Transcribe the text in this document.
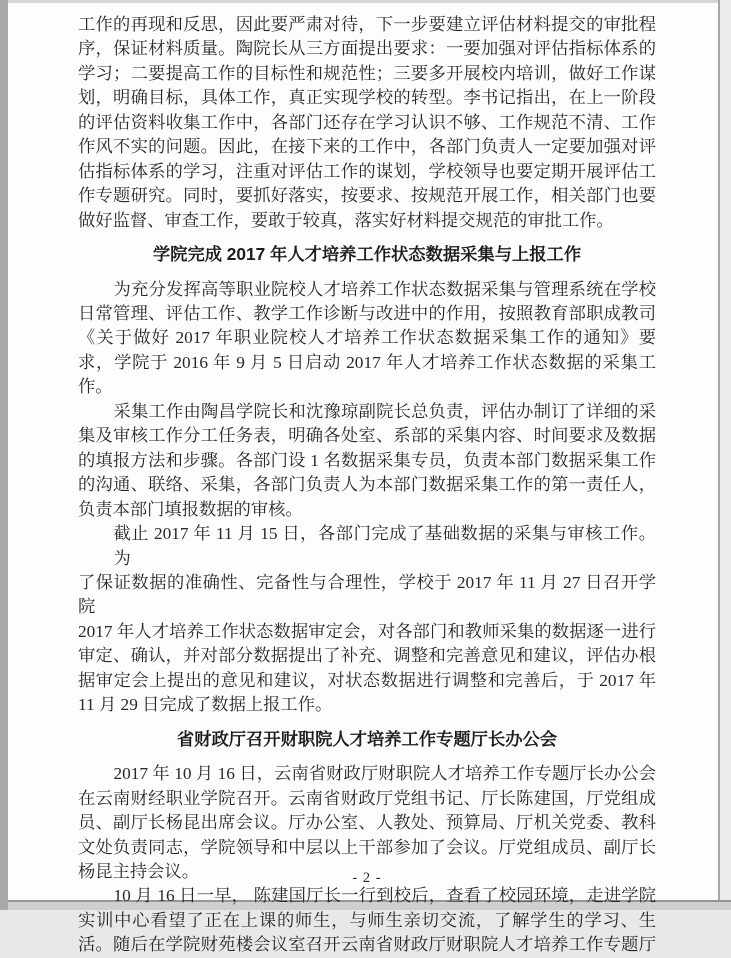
工作的再现和反思，因此要严肃对待，下一步要建立评估材料提交的审批程
序，保证材料质量。陶院长从三方面提出要求：一要加强对评估指标体系的
学习；二要提高工作的目标性和规范性；三要多开展校内培训，做好工作谋
划，明确目标，具体工作，真正实现学校的转型。李书记指出，在上一阶段
的评估资料收集工作中，各部门还存在学习认识不够、工作规范不清、工作
作风不实的问题。因此，在接下来的工作中，各部门负责人一定要加强对评
估指标体系的学习，注重对评估工作的谋划，学校领导也要定期开展评估工
作专题研究。同时，要抓好落实，按要求、按规范开展工作，相关部门也要
做好监督、审查工作，要敢于较真，落实好材料提交规范的审批工作。
学院完成 2017 年人才培养工作状态数据采集与上报工作
为充分发挥高等职业院校人才培养工作状态数据采集与管理系统在学校
日常管理、评估工作、教学工作诊断与改进中的作用，按照教育部职成教司
《关于做好 2017 年职业院校人才培养工作状态数据采集工作的通知》要
求，学院于 2016 年 9 月 5 日启动 2017 年人才培养工作状态数据的采集工
作。
采集工作由陶昌学院长和沈豫琼副院长总负责，评估办制订了详细的采
集及审核工作分工任务表，明确各处室、系部的采集内容、时间要求及数据
的填报方法和步骤。各部门设 1 名数据采集专员，负责本部门数据采集工作
的沟通、联络、采集，各部门负责人为本部门数据采集工作的第一责任人，
负责本部门填报数据的审核。
截止 2017 年 11 月 15 日，各部门完成了基础数据的采集与审核工作。为
了保证数据的准确性、完备性与合理性，学校于 2017 年 11 月 27 日召开学院
2017 年人才培养工作状态数据审定会，对各部门和教师采集的数据逐一进行
审定、确认，并对部分数据提出了补充、调整和完善意见和建议，评估办根
据审定会上提出的意见和建议，对状态数据进行调整和完善后，于 2017 年
11 月 29 日完成了数据上报工作。
省财政厅召开财职院人才培养工作专题厅长办公会
2017 年 10 月 16 日，云南省财政厅财职院人才培养工作专题厅长办公会
在云南财经职业学院召开。云南省财政厅党组书记、厅长陈建国，厅党组成
员、副厅长杨昆出席会议。厅办公室、人教处、预算局、厅机关党委、教科
文处负责同志，学院领导和中层以上干部参加了会议。厅党组成员、副厅长
杨昆主持会议。
10 月 16 日一早， 陈建国厅长一行到校后，查看了校园环境，走进学院
实训中心看望了正在上课的师生，与师生亲切交流，了解学生的学习、生
活。随后在学院财苑楼会议室召开云南省财政厅财职院人才培养工作专题厅
- 2 -
